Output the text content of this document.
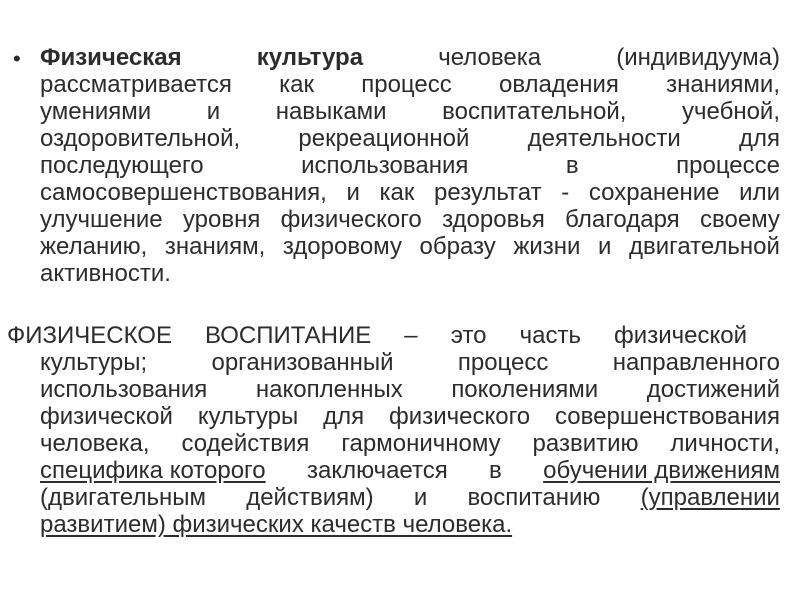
• Физическая	культура	человека	(индивидуума)
рассматривается как процесс овладения знаниями,
умениями и навыками воспитательной, учебной,
оздоровительной, рекреационной деятельности для
последующего	использования	в	процессе
самосовершенствования, и как результат - сохранение или
улучшение уровня физического здоровья благодаря своему
желанию, знаниям, здоровому образу жизни и двигательной
активности.
ФИЗИЧЕСКОЕ ВОСПИТАНИЕ – это часть физической
культуры;	организованный	процесс	направленного
использования накопленных поколениями достижений
физической культуры для физического совершенствования
человека, содействия гармоничному развитию личности,
специфика которого заключается в обучении движениям
(двигательным действиям) и воспитанию (управлении
развитием) физических качеств человека.
